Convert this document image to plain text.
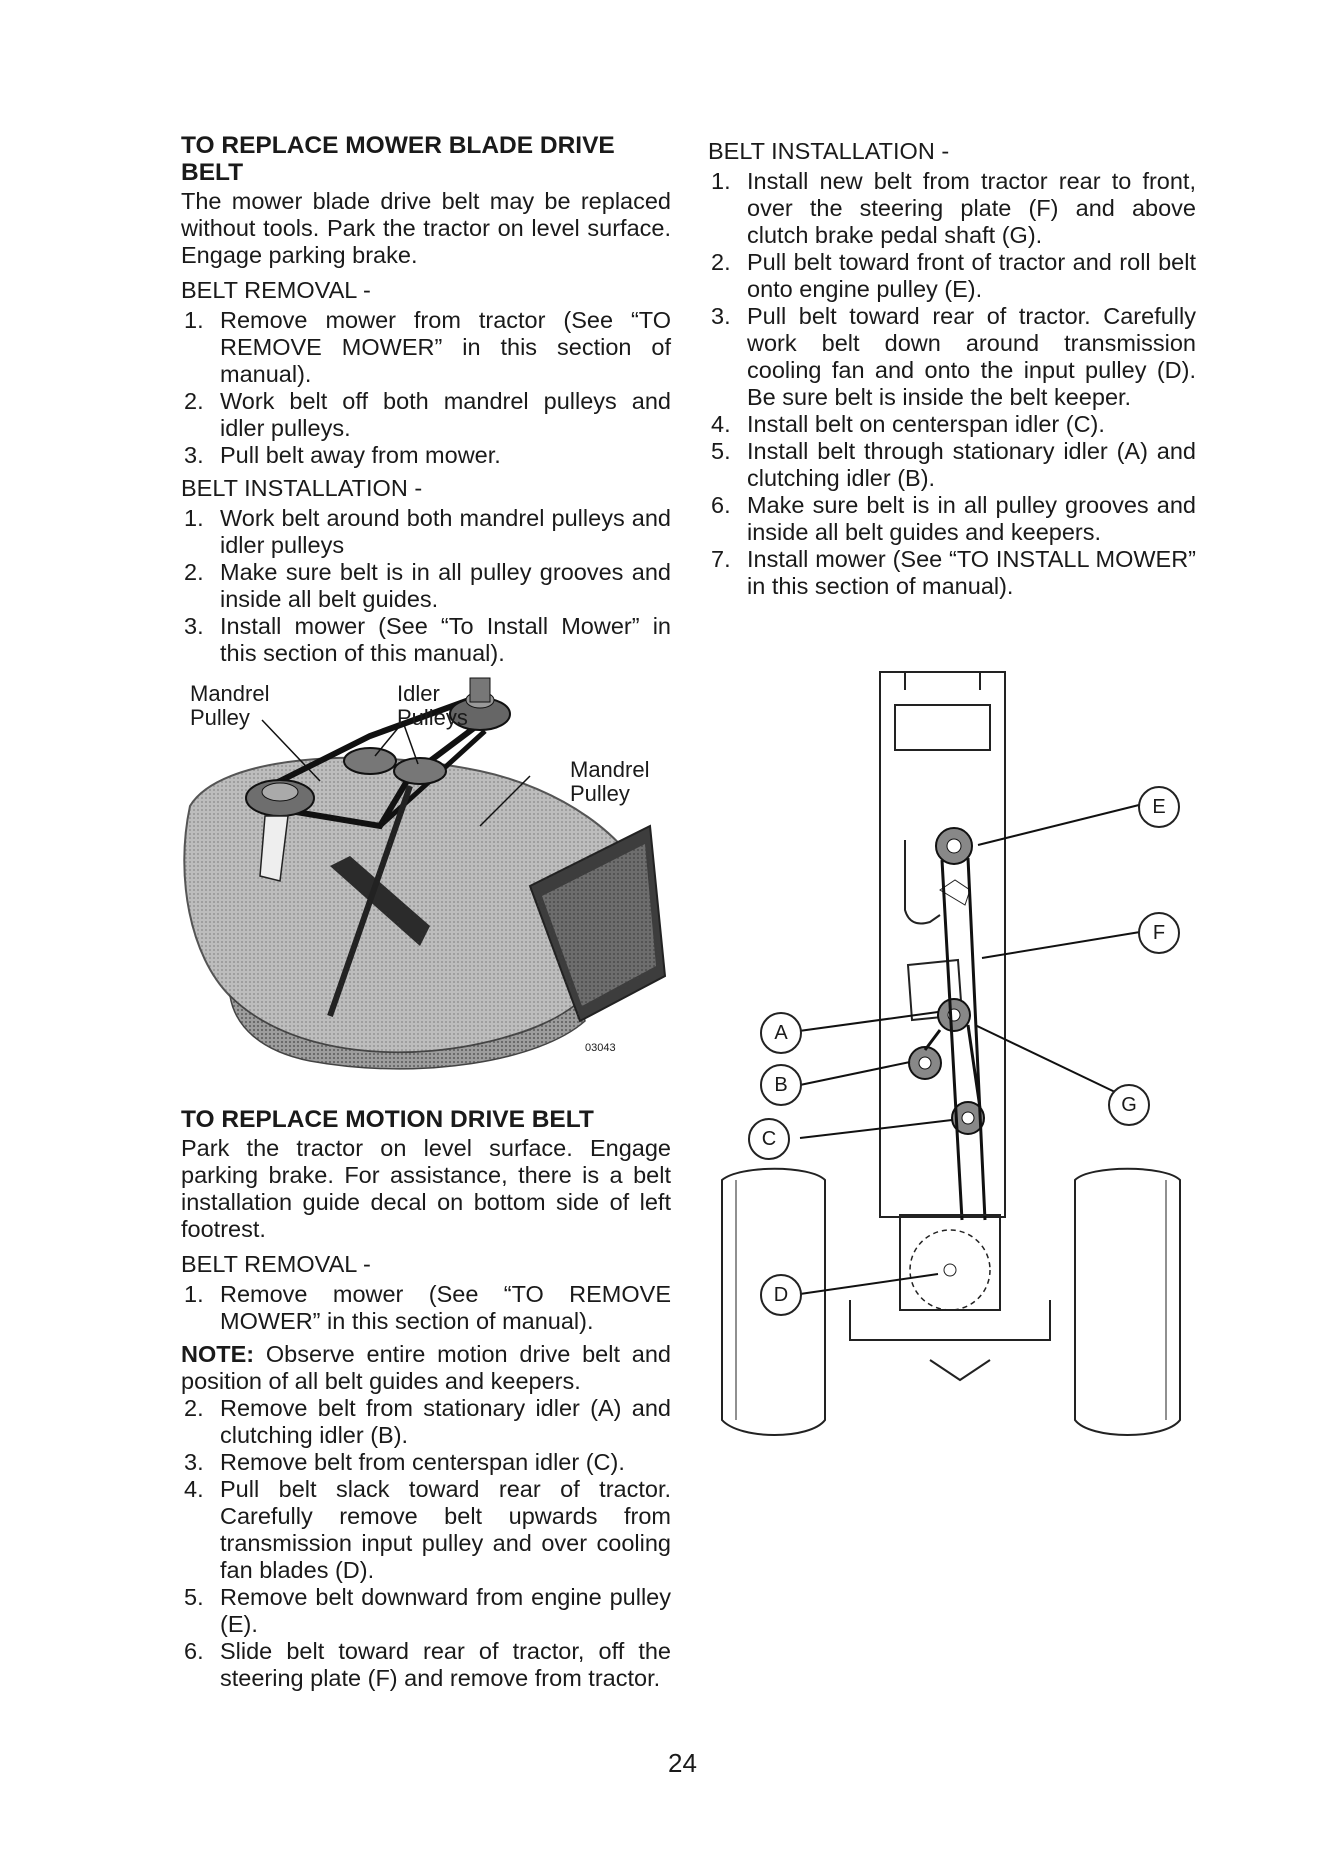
TO REPLACE MOWER BLADE DRIVE BELT

The mower blade drive belt may be replaced without tools. Park the tractor on level surface. Engage parking brake.

BELT REMOVAL -
1. Remove mower from tractor (See “TO REMOVE MOWER” in this section of manual).
2. Work belt off both mandrel pulleys and idler pulleys.
3. Pull belt away from mower.
BELT INSTALLATION -
1. Work belt around both mandrel pulleys and idler pulleys
2. Make sure belt is in all pulley grooves and inside all belt guides.
3. Install mower (See “To Install Mower” in this section of this manual).
Mandrel
Pulley
Idler
Pulleys
Mandrel
Pulley
03043
TO REPLACE MOTION DRIVE BELT

Park the tractor on level surface. Engage parking brake. For assistance, there is a belt installation guide decal on bottom side of left footrest.

BELT REMOVAL -
1. Remove mower (See “TO REMOVE MOWER” in this section of manual).

NOTE: Observe entire motion drive belt and position of all belt guides and keepers.

2. Remove belt from stationary idler (A) and clutching idler (B).
3. Remove belt from centerspan idler (C).
4. Pull belt slack toward rear of tractor. Carefully remove belt upwards from transmission input pulley and over cooling fan blades (D).
5. Remove belt downward from engine pulley (E).
6. Slide belt toward rear of tractor, off the steering plate (F) and remove from tractor.
BELT INSTALLATION -
1. Install new belt from tractor rear to front, over the steering plate (F) and above clutch brake pedal shaft (G).
2. Pull belt toward front of tractor and roll belt onto engine pulley (E).
3. Pull belt toward rear of tractor. Carefully work belt down around transmission cooling fan and onto the input pulley (D). Be sure belt is inside the belt keeper.
4. Install belt on centerspan idler (C).
5. Install belt through stationary idler (A) and clutching idler (B).
6. Make sure belt is in all pulley grooves and inside all belt guides and keepers.
7. Install mower (See “TO INSTALL MOWER” in this section of manual).
E
F
A
B
G
C
D
24
